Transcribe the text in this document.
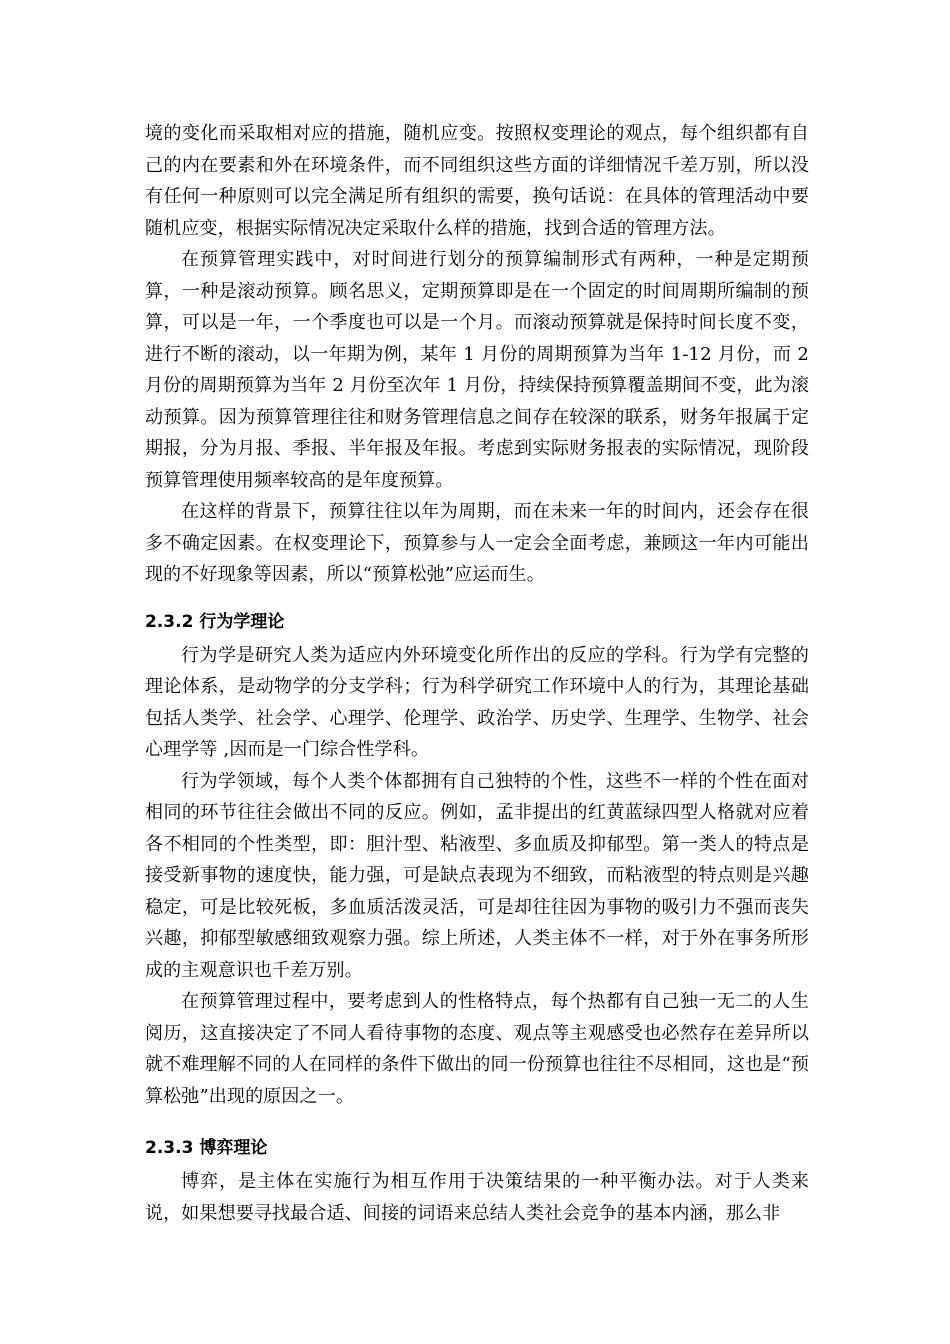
境的变化而采取相对应的措施，随机应变。按照权变理论的观点，每个组织都有自己的内在要素和外在环境条件，而不同组织这些方面的详细情况千差万别，所以没有任何一种原则可以完全满足所有组织的需要，换句话说：在具体的管理活动中要随机应变，根据实际情况决定采取什么样的措施，找到合适的管理方法。

在预算管理实践中，对时间进行划分的预算编制形式有两种，一种是定期预算，一种是滚动预算。顾名思义，定期预算即是在一个固定的时间周期所编制的预算，可以是一年，一个季度也可以是一个月。而滚动预算就是保持时间长度不变，进行不断的滚动，以一年期为例，某年 1 月份的周期预算为当年 1-12 月份，而 2 月份的周期预算为当年 2 月份至次年 1 月份，持续保持预算覆盖期间不变，此为滚动预算。因为预算管理往往和财务管理信息之间存在较深的联系，财务年报属于定期报，分为月报、季报、半年报及年报。考虑到实际财务报表的实际情况，现阶段预算管理使用频率较高的是年度预算。

在这样的背景下，预算往往以年为周期，而在未来一年的时间内，还会存在很多不确定因素。在权变理论下，预算参与人一定会全面考虑，兼顾这一年内可能出现的不好现象等因素，所以“预算松弛”应运而生。

2.3.2 行为学理论

行为学是研究人类为适应内外环境变化所作出的反应的学科。行为学有完整的理论体系，是动物学的分支学科；行为科学研究工作环境中人的行为，其理论基础包括人类学、社会学、心理学、伦理学、政治学、历史学、生理学、生物学、社会心理学等 ,因而是一门综合性学科。

行为学领域，每个人类个体都拥有自己独特的个性，这些不一样的个性在面对相同的环节往往会做出不同的反应。例如，孟非提出的红黄蓝绿四型人格就对应着各不相同的个性类型，即：胆汁型、粘液型、多血质及抑郁型。第一类人的特点是接受新事物的速度快，能力强，可是缺点表现为不细致，而粘液型的特点则是兴趣稳定，可是比较死板，多血质活泼灵活，可是却往往因为事物的吸引力不强而丧失兴趣，抑郁型敏感细致观察力强。综上所述，人类主体不一样，对于外在事务所形成的主观意识也千差万别。

在预算管理过程中，要考虑到人的性格特点，每个热都有自己独一无二的人生阅历，这直接决定了不同人看待事物的态度、观点等主观感受也必然存在差异所以就不难理解不同的人在同样的条件下做出的同一份预算也往往不尽相同，这也是“预算松弛”出现的原因之一。

2.3.3 博弈理论

博弈，是主体在实施行为相互作用于决策结果的一种平衡办法。对于人类来说，如果想要寻找最合适、间接的词语来总结人类社会竞争的基本内涵，那么非
